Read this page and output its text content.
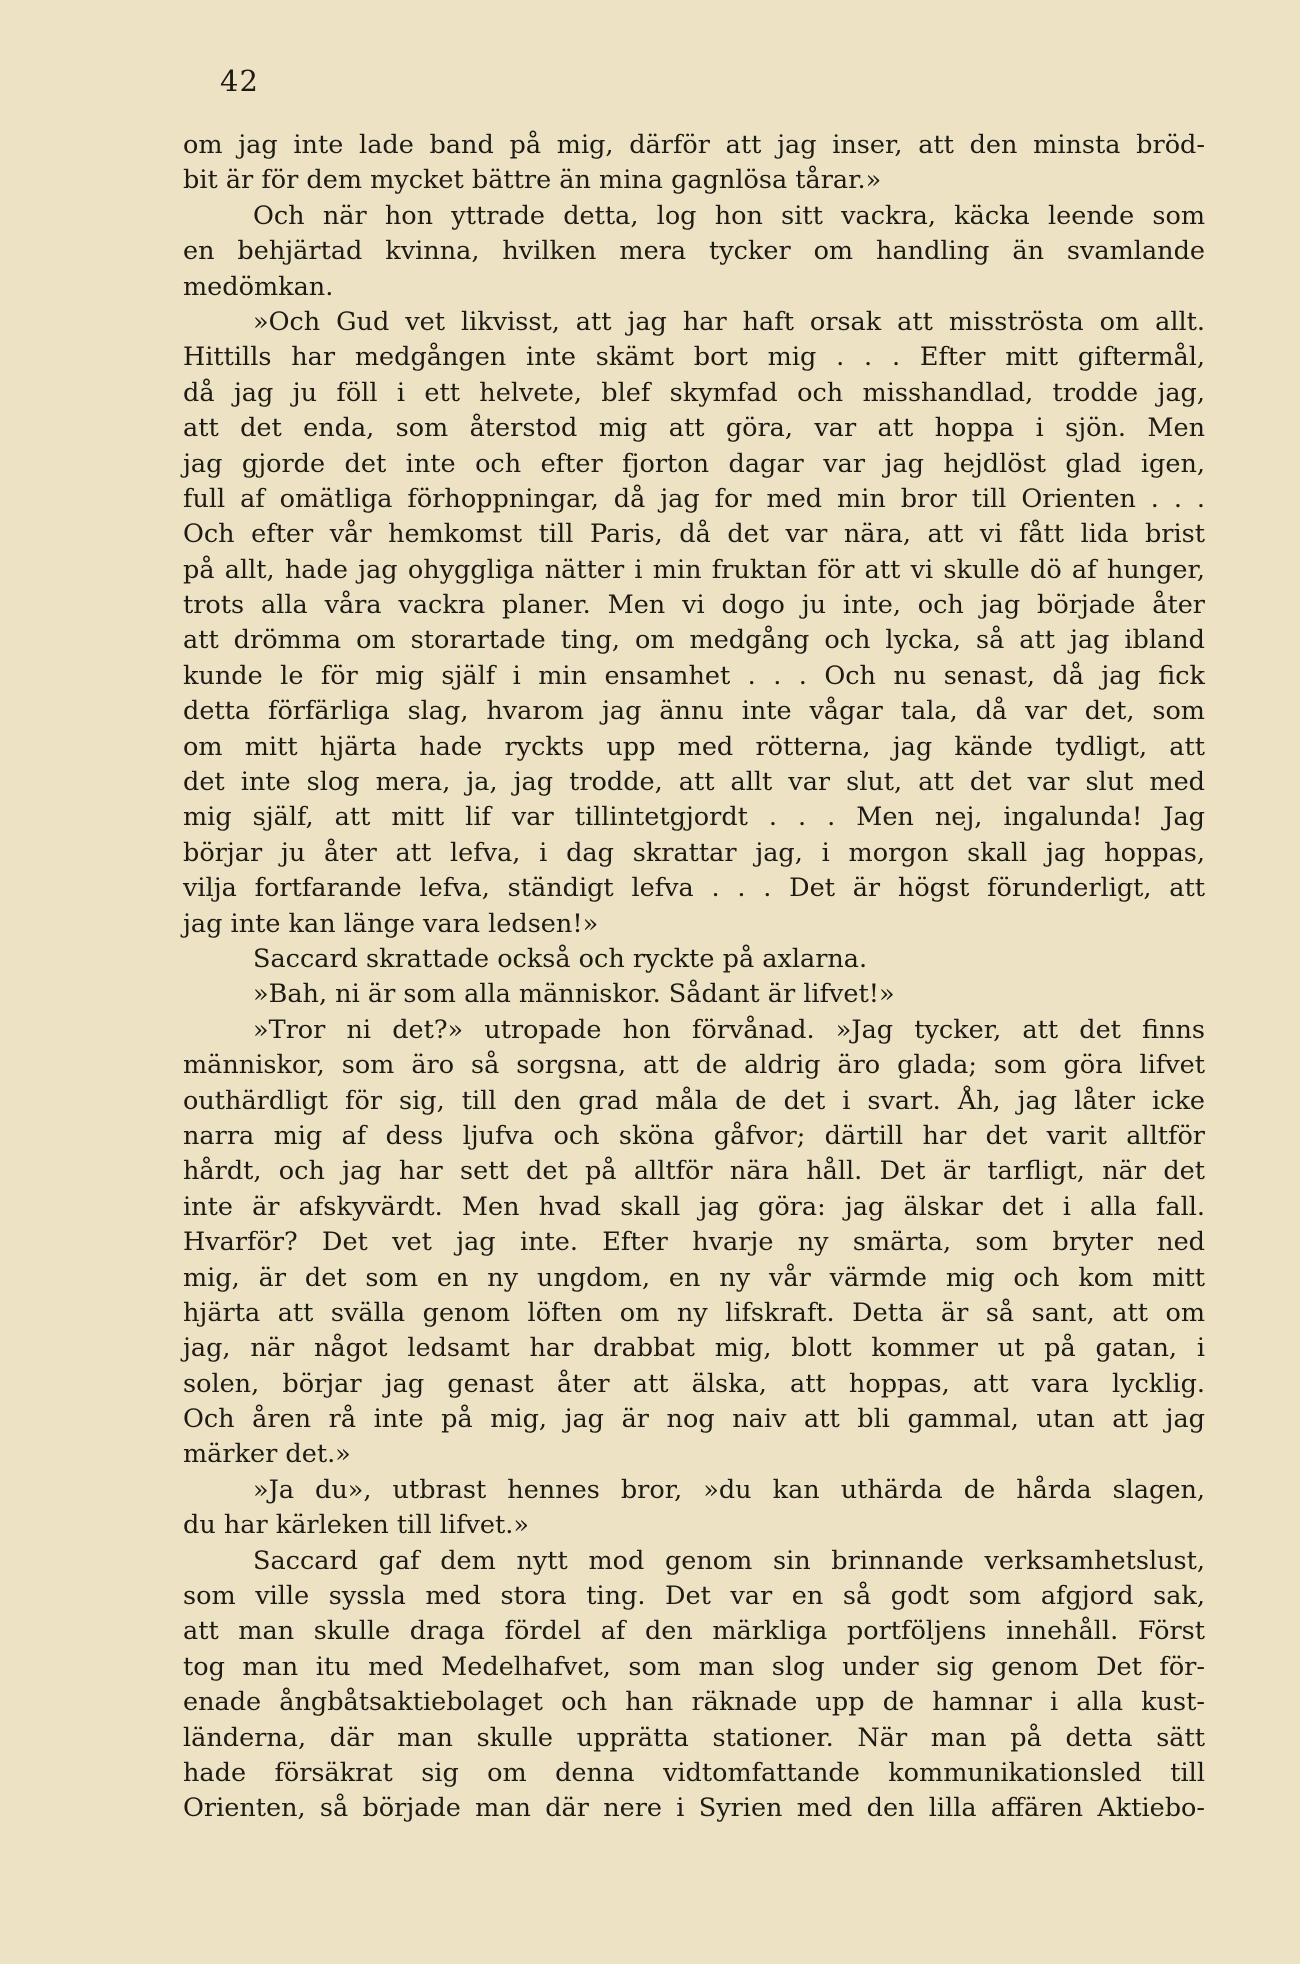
42
om jag inte lade band på mig, därför att jag inser, att den minsta bröd-
bit är för dem mycket bättre än mina gagnlösa tårar.»
Och när hon yttrade detta, log hon sitt vackra, käcka leende som
en behjärtad kvinna, hvilken mera tycker om handling än svamlande
medömkan.
»Och Gud vet likvisst, att jag har haft orsak att misströsta om allt.
Hittills har medgången inte skämt bort mig . . . Efter mitt giftermål,
då jag ju föll i ett helvete, blef skymfad och misshandlad, trodde jag,
att det enda, som återstod mig att göra, var att hoppa i sjön. Men
jag gjorde det inte och efter fjorton dagar var jag hejdlöst glad igen,
full af omätliga förhoppningar, då jag for med min bror till Orienten . . .
Och efter vår hemkomst till Paris, då det var nära, att vi fått lida brist
på allt, hade jag ohyggliga nätter i min fruktan för att vi skulle dö af hunger,
trots alla våra vackra planer. Men vi dogo ju inte, och jag började åter
att drömma om storartade ting, om medgång och lycka, så att jag ibland
kunde le för mig själf i min ensamhet . . . Och nu senast, då jag fick
detta förfärliga slag, hvarom jag ännu inte vågar tala, då var det, som
om mitt hjärta hade ryckts upp med rötterna, jag kände tydligt, att
det inte slog mera, ja, jag trodde, att allt var slut, att det var slut med
mig själf, att mitt lif var tillintetgjordt . . . Men nej, ingalunda! Jag
börjar ju åter att lefva, i dag skrattar jag, i morgon skall jag hoppas,
vilja fortfarande lefva, ständigt lefva . . . Det är högst förunderligt, att
jag inte kan länge vara ledsen!»
Saccard skrattade också och ryckte på axlarna.
»Bah, ni är som alla människor. Sådant är lifvet!»
»Tror ni det?» utropade hon förvånad. »Jag tycker, att det finns
människor, som äro så sorgsna, att de aldrig äro glada; som göra lifvet
outhärdligt för sig, till den grad måla de det i svart. Åh, jag låter icke
narra mig af dess ljufva och sköna gåfvor; därtill har det varit alltför
hårdt, och jag har sett det på alltför nära håll. Det är tarfligt, när det
inte är afskyvärdt. Men hvad skall jag göra: jag älskar det i alla fall.
Hvarför? Det vet jag inte. Efter hvarje ny smärta, som bryter ned
mig, är det som en ny ungdom, en ny vår värmde mig och kom mitt
hjärta att svälla genom löften om ny lifskraft. Detta är så sant, att om
jag, när något ledsamt har drabbat mig, blott kommer ut på gatan, i
solen, börjar jag genast åter att älska, att hoppas, att vara lycklig.
Och åren rå inte på mig, jag är nog naiv att bli gammal, utan att jag
märker det.»
»Ja du», utbrast hennes bror, »du kan uthärda de hårda slagen,
du har kärleken till lifvet.»
Saccard gaf dem nytt mod genom sin brinnande verksamhetslust,
som ville syssla med stora ting. Det var en så godt som afgjord sak,
att man skulle draga fördel af den märkliga portföljens innehåll. Först
tog man itu med Medelhafvet, som man slog under sig genom Det för-
enade ångbåtsaktiebolaget och han räknade upp de hamnar i alla kust-
länderna, där man skulle upprätta stationer. När man på detta sätt
hade försäkrat sig om denna vidtomfattande kommunikationsled till
Orienten, så började man där nere i Syrien med den lilla affären Aktiebo-
